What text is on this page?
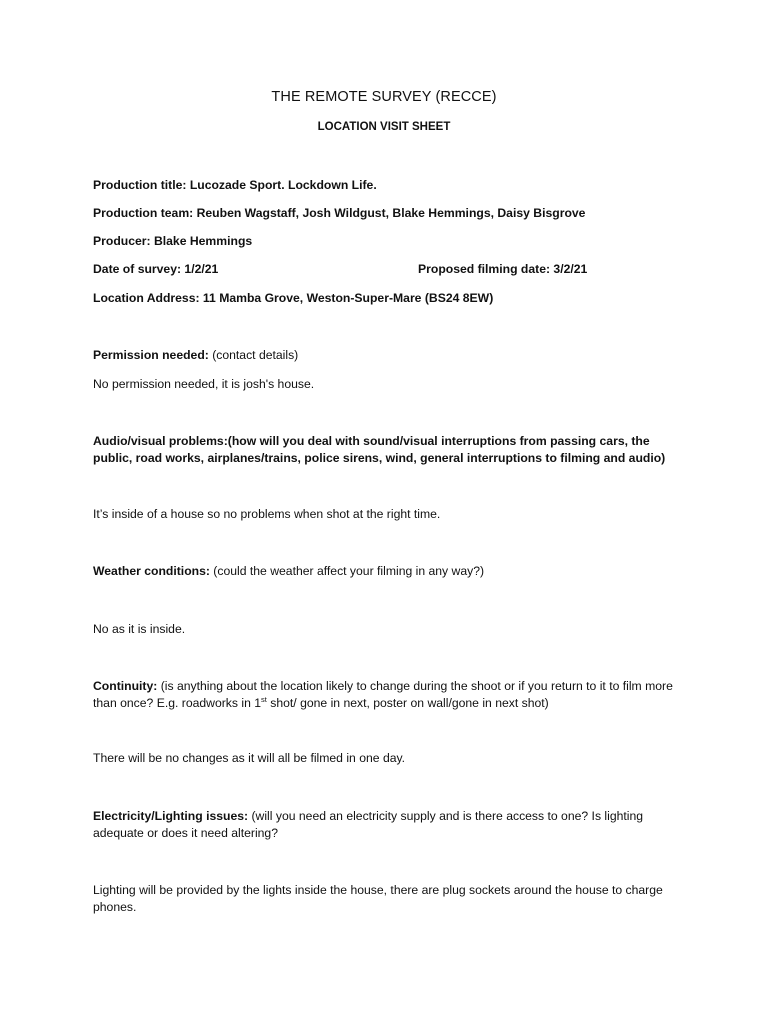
THE REMOTE SURVEY (RECCE)
LOCATION VISIT SHEET
Production title: Lucozade Sport. Lockdown Life.
Production team: Reuben Wagstaff, Josh Wildgust, Blake Hemmings, Daisy Bisgrove
Producer: Blake Hemmings
Date of survey: 1/2/21	Proposed filming date: 3/2/21
Location Address: 11 Mamba Grove, Weston-Super-Mare (BS24 8EW)
Permission needed: (contact details)
No permission needed, it is josh's house.
Audio/visual problems:(how will you deal with sound/visual interruptions from passing cars, the public, road works, airplanes/trains, police sirens, wind, general interruptions to filming and audio)
It’s inside of a house so no problems when shot at the right time.
Weather conditions: (could the weather affect your filming in any way?)
No as it is inside.
Continuity: (is anything about the location likely to change during the shoot or if you return to it to film more than once? E.g. roadworks in 1st shot/ gone in next, poster on wall/gone in next shot)
There will be no changes as it will all be filmed in one day.
Electricity/Lighting issues: (will you need an electricity supply and is there access to one? Is lighting adequate or does it need altering?
Lighting will be provided by the lights inside the house, there are plug sockets around the house to charge phones.
